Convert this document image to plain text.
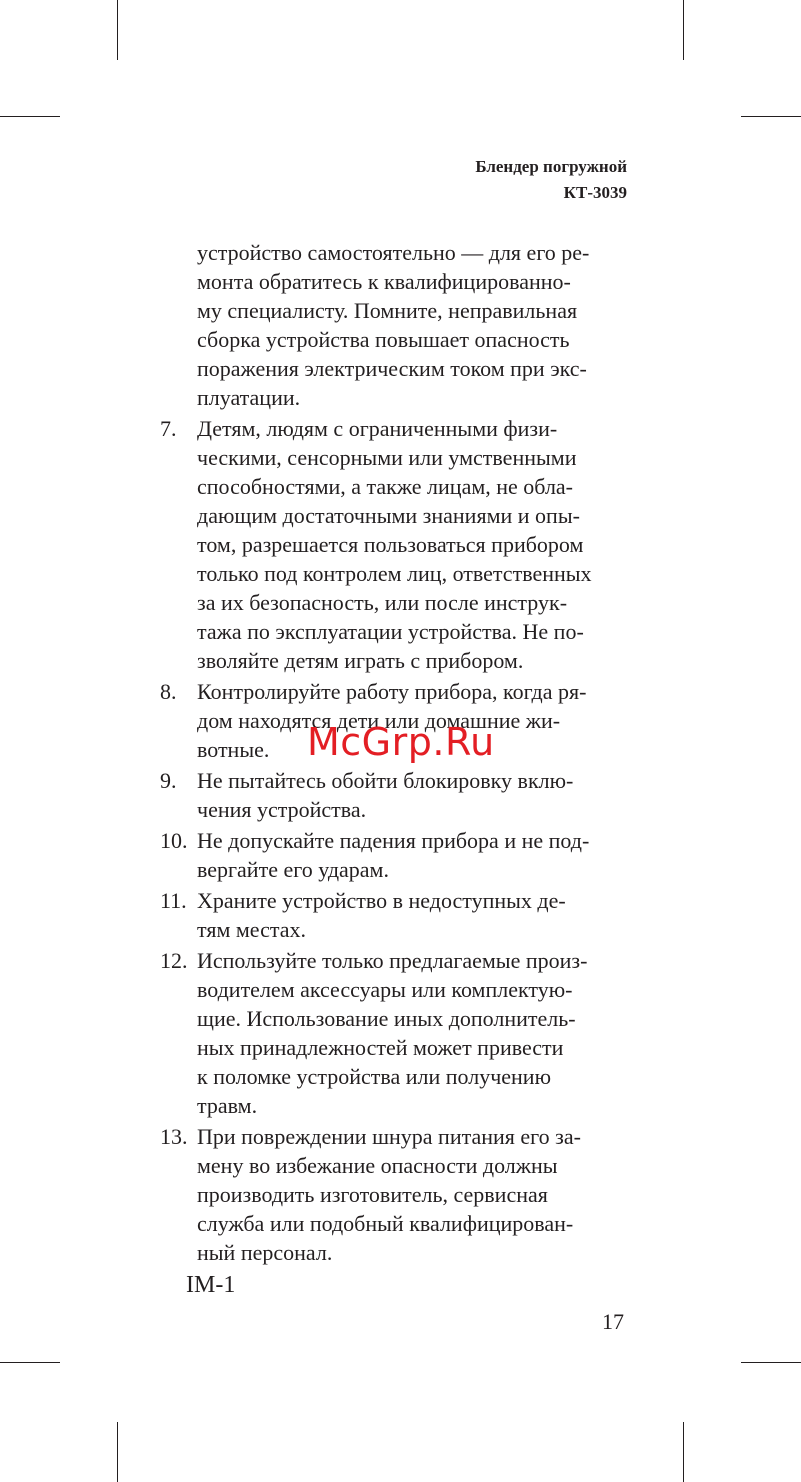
Блендер погружной
КТ-3039
устройство самостоятельно — для его ре-
монта обратитесь к квалифицированно-
му специалисту. Помните, неправильная
сборка устройства повышает опасность
поражения электрическим током при экс-
плуатации.
7. Детям, людям с ограниченными физи-
ческими, сенсорными или умственными
способностями, а также лицам, не обла-
дающим достаточными знаниями и опы-
том, разрешается пользоваться прибором
только под контролем лиц, ответственных
за их безопасность, или после инструк-
тажа по эксплуатации устройства. Не по-
зволяйте детям играть с прибором.
8. Контролируйте работу прибора, когда ря-
дом находятся дети или домашние жи-
вотные.
9. Не пытайтесь обойти блокировку вклю-
чения устройства.
10. Не допускайте падения прибора и не под-
вергайте его ударам.
11. Храните устройство в недоступных де-
тям местах.
12. Используйте только предлагаемые произ-
водителем аксессуары или комплектую-
щие. Использование иных дополнитель-
ных принадлежностей может привести
к поломке устройства или получению
травм.
13. При повреждении шнура питания его за-
мену во избежание опасности должны
производить изготовитель, сервисная
служба или подобный квалифицирован-
ный персонал.
McGrp.Ru
IM-1
17
